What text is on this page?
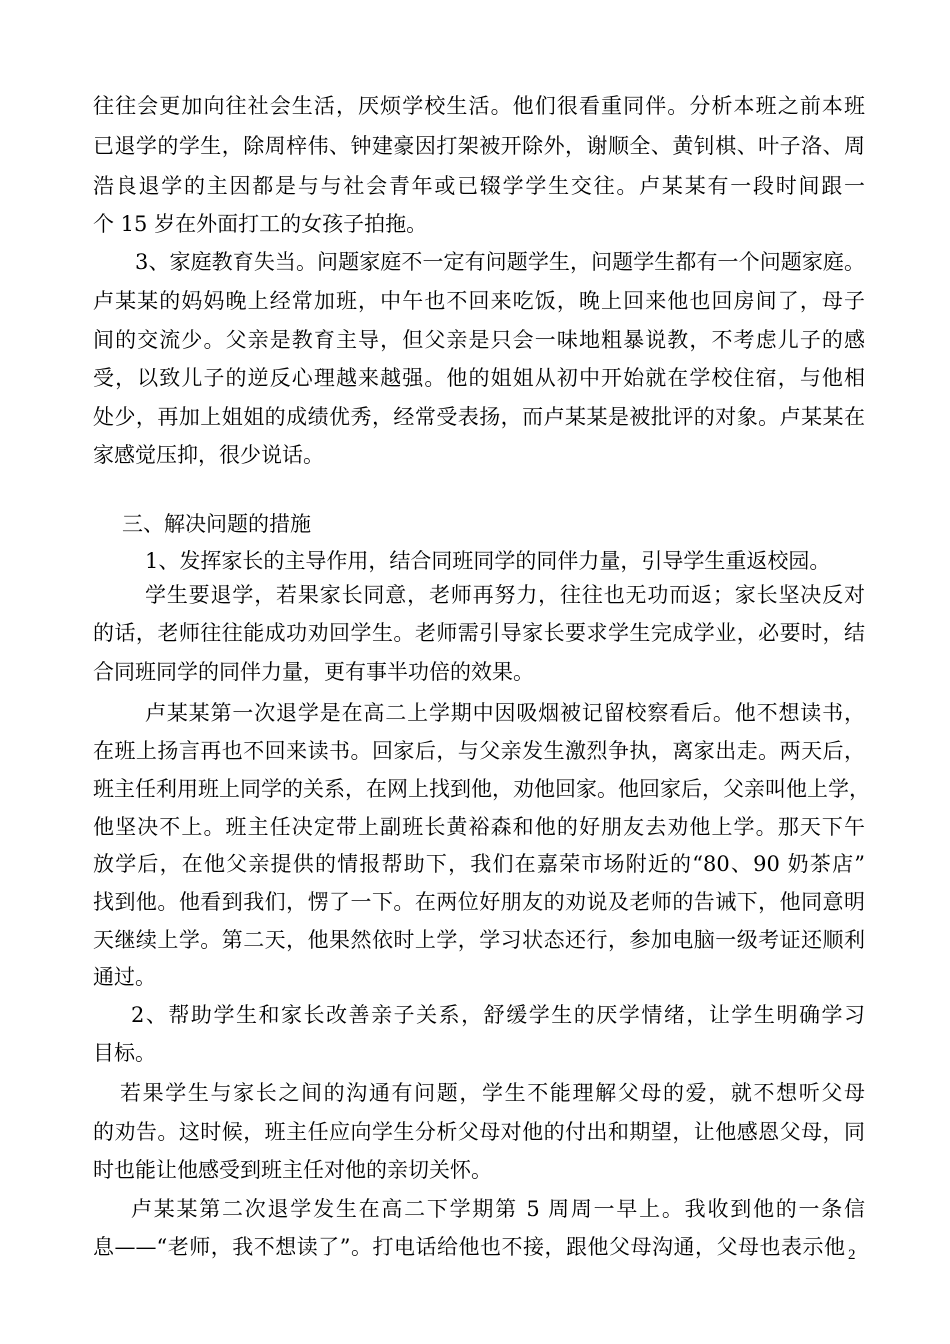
往往会更加向往社会生活，厌烦学校生活。他们很看重同伴。分析本班之前本班
已退学的学生，除周梓伟、钟建豪因打架被开除外，谢顺全、黄钊棋、叶子洛、周
浩良退学的主因都是与与社会青年或已辍学学生交往。卢某某有一段时间跟一
个 15 岁在外面打工的女孩子拍拖。
3、家庭教育失当。问题家庭不一定有问题学生，问题学生都有一个问题家庭。
卢某某的妈妈晚上经常加班，中午也不回来吃饭，晚上回来他也回房间了，母子
间的交流少。父亲是教育主导，但父亲是只会一味地粗暴说教，不考虑儿子的感
受，以致儿子的逆反心理越来越强。他的姐姐从初中开始就在学校住宿，与他相
处少，再加上姐姐的成绩优秀，经常受表扬，而卢某某是被批评的对象。卢某某在
家感觉压抑，很少说话。
三、解决问题的措施
1、发挥家长的主导作用，结合同班同学的同伴力量，引导学生重返校园。
学生要退学，若果家长同意，老师再努力，往往也无功而返；家长坚决反对
的话，老师往往能成功劝回学生。老师需引导家长要求学生完成学业，必要时，结
合同班同学的同伴力量，更有事半功倍的效果。
卢某某第一次退学是在高二上学期中因吸烟被记留校察看后。他不想读书，
在班上扬言再也不回来读书。回家后，与父亲发生激烈争执，离家出走。两天后，
班主任利用班上同学的关系，在网上找到他，劝他回家。他回家后，父亲叫他上学，
他坚决不上。班主任决定带上副班长黄裕森和他的好朋友去劝他上学。那天下午
放学后，在他父亲提供的情报帮助下，我们在嘉荣市场附近的“80、90 奶茶店”
找到他。他看到我们，愣了一下。在两位好朋友的劝说及老师的告诫下，他同意明
天继续上学。第二天，他果然依时上学，学习状态还行，参加电脑一级考证还顺利
通过。
2、帮助学生和家长改善亲子关系，舒缓学生的厌学情绪，让学生明确学习
目标。
若果学生与家长之间的沟通有问题，学生不能理解父母的爱，就不想听父母
的劝告。这时候，班主任应向学生分析父母对他的付出和期望，让他感恩父母，同
时也能让他感受到班主任对他的亲切关怀。
卢某某第二次退学发生在高二下学期第 5 周周一早上。我收到他的一条信
息——“老师，我不想读了”。打电话给他也不接，跟他父母沟通，父母也表示他 2
